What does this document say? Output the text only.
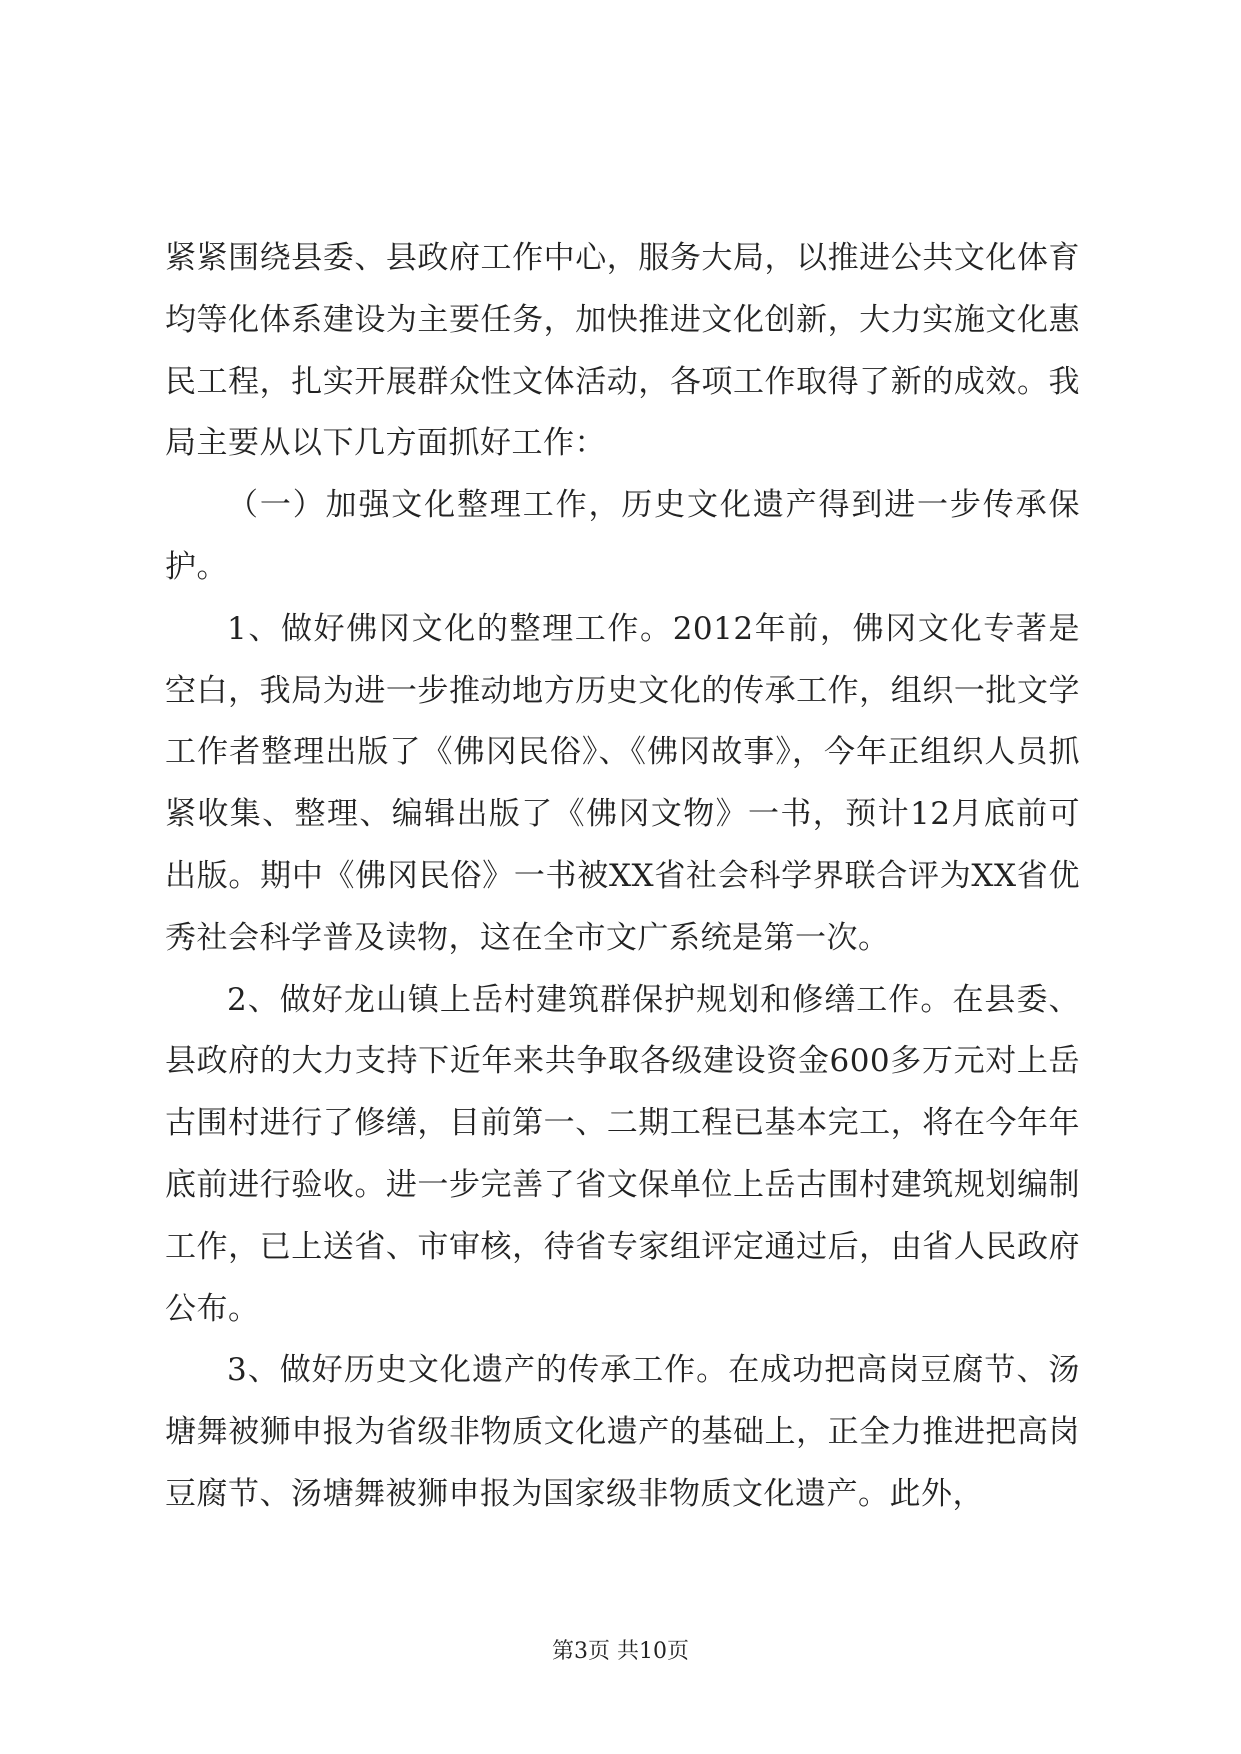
紧紧围绕县委、县政府工作中心，服务大局，以推进公共文化体育均等化体系建设为主要任务，加快推进文化创新，大力实施文化惠民工程，扎实开展群众性文体活动，各项工作取得了新的成效。我局主要从以下几方面抓好工作：

（一）加强文化整理工作，历史文化遗产得到进一步传承保护。

1、做好佛冈文化的整理工作。2012年前，佛冈文化专著是空白，我局为进一步推动地方历史文化的传承工作，组织一批文学工作者整理出版了《佛冈民俗》、《佛冈故事》，今年正组织人员抓紧收集、整理、编辑出版了《佛冈文物》一书，预计12月底前可出版。期中《佛冈民俗》一书被XX省社会科学界联合评为XX省优秀社会科学普及读物，这在全市文广系统是第一次。

2、做好龙山镇上岳村建筑群保护规划和修缮工作。在县委、县政府的大力支持下近年来共争取各级建设资金600多万元对上岳古围村进行了修缮，目前第一、二期工程已基本完工，将在今年年底前进行验收。进一步完善了省文保单位上岳古围村建筑规划编制工作，已上送省、市审核，待省专家组评定通过后，由省人民政府公布。

3、做好历史文化遗产的传承工作。在成功把高岗豆腐节、汤塘舞被狮申报为省级非物质文化遗产的基础上，正全力推进把高岗豆腐节、汤塘舞被狮申报为国家级非物质文化遗产。此外，

第3页 共10页
